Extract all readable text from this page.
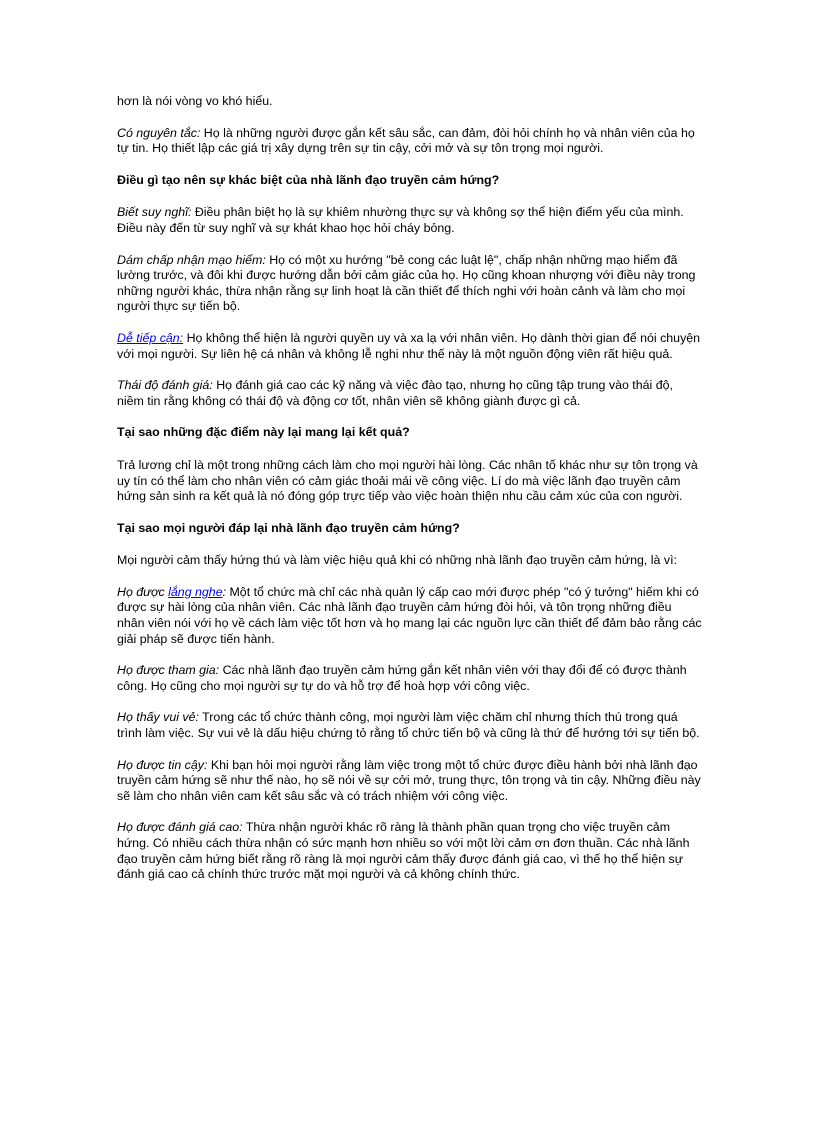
hơn là nói vòng vo khó hiểu.

Có nguyên tắc: Họ là những người được gắn kết sâu sắc, can đảm, đòi hỏi chính họ và nhân viên của họ tự tin. Họ thiết lập các giá trị xây dựng trên sự tin cậy, cởi mở và sự tôn trọng mọi người.

Điều gì tạo nên sự khác biệt của nhà lãnh đạo truyền cảm hứng?

Biết suy nghĩ: Điều phân biệt họ là sự khiêm nhường thực sự và không sợ thể hiện điểm yếu của mình. Điều này đến từ suy nghĩ và sự khát khao học hỏi cháy bỏng.

Dám chấp nhận mạo hiểm: Họ có một xu hướng "bẻ cong các luật lệ", chấp nhận những mạo hiểm đã lường trước, và đôi khi được hướng dẫn bởi cảm giác của họ. Họ cũng khoan nhượng với điều này trong những người khác, thừa nhận rằng sự linh hoạt là cần thiết để thích nghi với hoàn cảnh và làm cho mọi người thực sự tiến bộ.

Dễ tiếp cận: Họ không thể hiện là người quyền uy và xa lạ với nhân viên. Họ dành thời gian để nói chuyện với mọi người. Sự liên hệ cá nhân và không lễ nghi như thế này là một nguồn động viên rất hiệu quả.

Thái độ đánh giá: Họ đánh giá cao các kỹ năng và việc đào tạo, nhưng họ cũng tập trung vào thái độ, niềm tin rằng không có thái độ và động cơ tốt, nhân viên sẽ không giành được gì cả.

Tại sao những đặc điểm này lại mang lại kết quả?

Trả lương chỉ là một trong những cách làm cho mọi người hài lòng. Các nhân tố khác như sự tôn trọng và uy tín có thể làm cho nhân viên có cảm giác thoải mái về công việc. Lí do mà việc lãnh đạo truyền cảm hứng sản sinh ra kết quả là nó đóng góp trực tiếp vào việc hoàn thiện nhu cầu cảm xúc của con người.

Tại sao mọi người đáp lại nhà lãnh đạo truyền cảm hứng?

Mọi người cảm thấy hứng thú và làm việc hiệu quả khi có những nhà lãnh đạo truyền cảm hứng, là vì:

Họ được lắng nghe: Một tổ chức mà chỉ các nhà quản lý cấp cao mới được phép "có ý tưởng" hiếm khi có được sự hài lòng của nhân viên. Các nhà lãnh đạo truyền cảm hứng đòi hỏi, và tôn trọng những điều nhân viên nói với họ về cách làm việc tốt hơn và họ mang lại các nguồn lực cần thiết để đảm bảo rằng các giải pháp sẽ được tiến hành.

Họ được tham gia: Các nhà lãnh đạo truyền cảm hứng gắn kết nhân viên với thay đổi để có được thành công. Họ cũng cho mọi người sự tự do và hỗ trợ để hoà hợp với công việc.

Họ thấy vui vẻ: Trong các tổ chức thành công, mọi người làm việc chăm chỉ nhưng thích thú trong quá trình làm việc. Sự vui vẻ là dấu hiệu chứng tỏ rằng tổ chức tiến bộ và cũng là thứ để hướng tới sự tiến bộ.

Họ được tin cậy: Khi bạn hỏi mọi người rằng làm việc trong một tổ chức được điều hành bởi nhà lãnh đạo truyền cảm hứng sẽ như thế nào, họ sẽ nói về sự cởi mở, trung thực, tôn trọng và tin cậy. Những điều này sẽ làm cho nhân viên cam kết sâu sắc và có trách nhiệm với công việc.

Họ được đánh giá cao: Thừa nhận người khác rõ ràng là thành phần quan trọng cho việc truyền cảm hứng. Có nhiều cách thừa nhận có sức mạnh hơn nhiều so với một lời cảm ơn đơn thuần. Các nhà lãnh đạo truyền cảm hứng biết rằng rõ ràng là mọi người cảm thấy được đánh giá cao, vì thế họ thể hiện sự đánh giá cao cả chính thức trước mặt mọi người và cả không chính thức.
